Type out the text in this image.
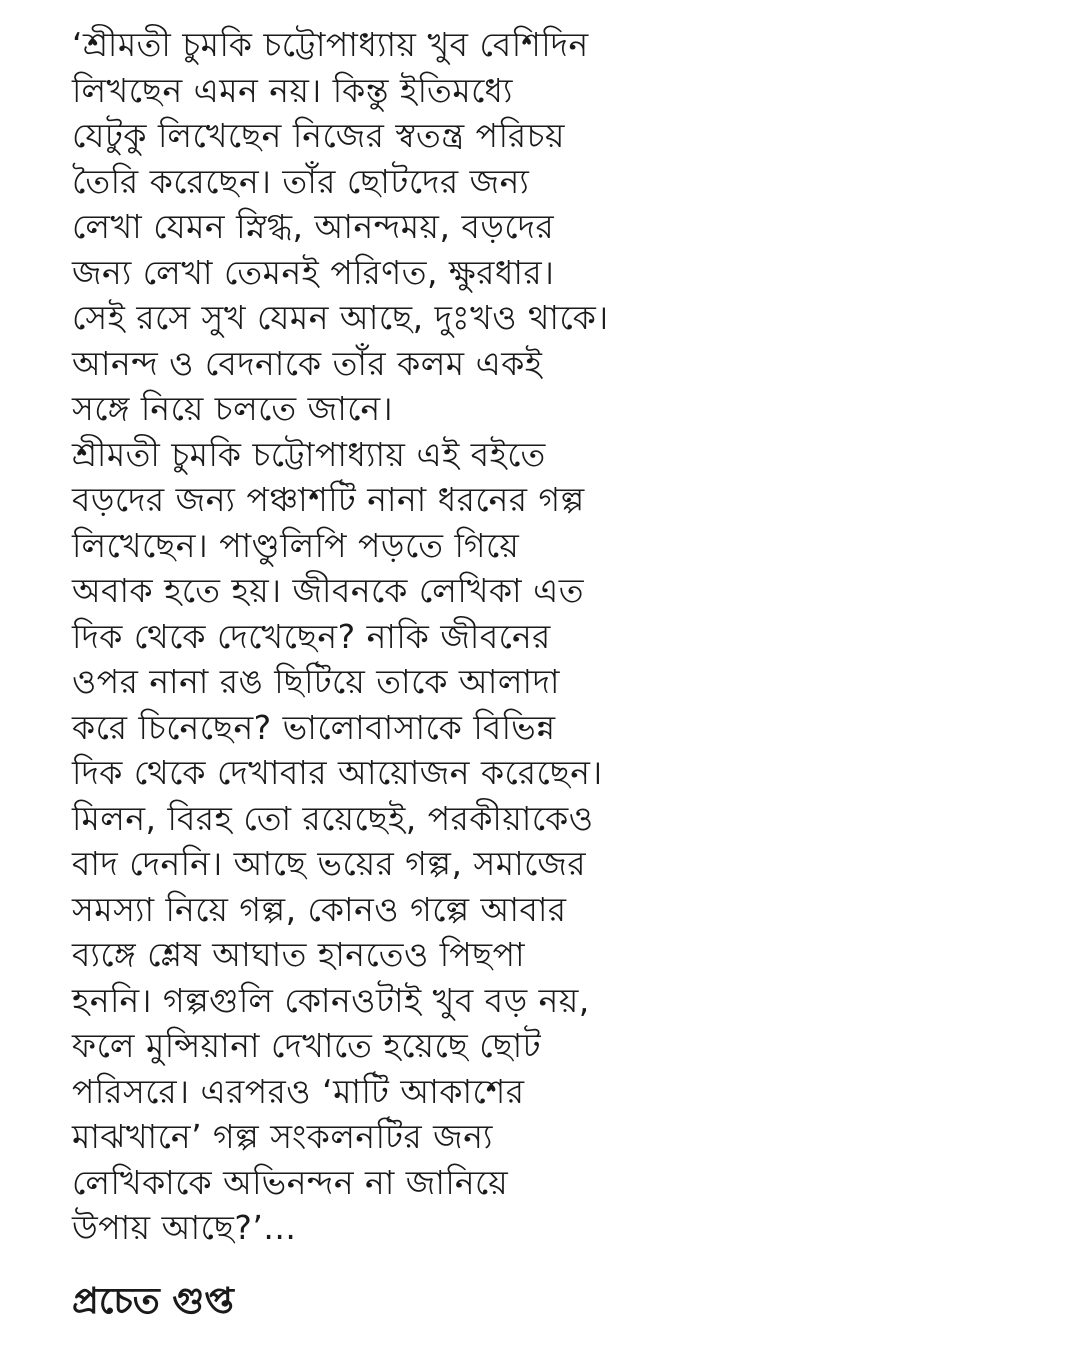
‘শ্রীমতী চুমকি চট্টোপাধ্যায় খুব বেশিদিন
লিখছেন এমন নয়। কিন্তু ইতিমধ্যে
যেটুকু লিখেছেন নিজের স্বতন্ত্র পরিচয়
তৈরি করেছেন। তাঁর ছোটদের জন্য
লেখা যেমন স্নিগ্ধ, আনন্দময়, বড়দের
জন্য লেখা তেমনই পরিণত, ক্ষুরধার।
সেই রসে সুখ যেমন আছে, দুঃখও থাকে।
আনন্দ ও বেদনাকে তাঁর কলম একই
সঙ্গে নিয়ে চলতে জানে।
শ্রীমতী চুমকি চট্টোপাধ্যায় এই বইতে
বড়দের জন্য পঞ্চাশটি নানা ধরনের গল্প
লিখেছেন। পাণ্ডুলিপি পড়তে গিয়ে
অবাক হতে হয়। জীবনকে লেখিকা এত
দিক থেকে দেখেছেন? নাকি জীবনের
ওপর নানা রঙ ছিটিয়ে তাকে আলাদা
করে চিনেছেন? ভালোবাসাকে বিভিন্ন
দিক থেকে দেখাবার আয়োজন করেছেন।
মিলন, বিরহ তো রয়েছেই, পরকীয়াকেও
বাদ দেননি। আছে ভয়ের গল্প, সমাজের
সমস্যা নিয়ে গল্প, কোনও গল্পে আবার
ব্যঙ্গে শ্লেষ আঘাত হানতেও পিছপা
হননি। গল্পগুলি কোনওটাই খুব বড় নয়,
ফলে মুন্সিয়ানা দেখাতে হয়েছে ছোট
পরিসরে। এরপরও ‘মাটি আকাশের
মাঝখানে’ গল্প সংকলনটির জন্য
লেখিকাকে অভিনন্দন না জানিয়ে
উপায় আছে?’...
প্রচেত গুপ্ত
